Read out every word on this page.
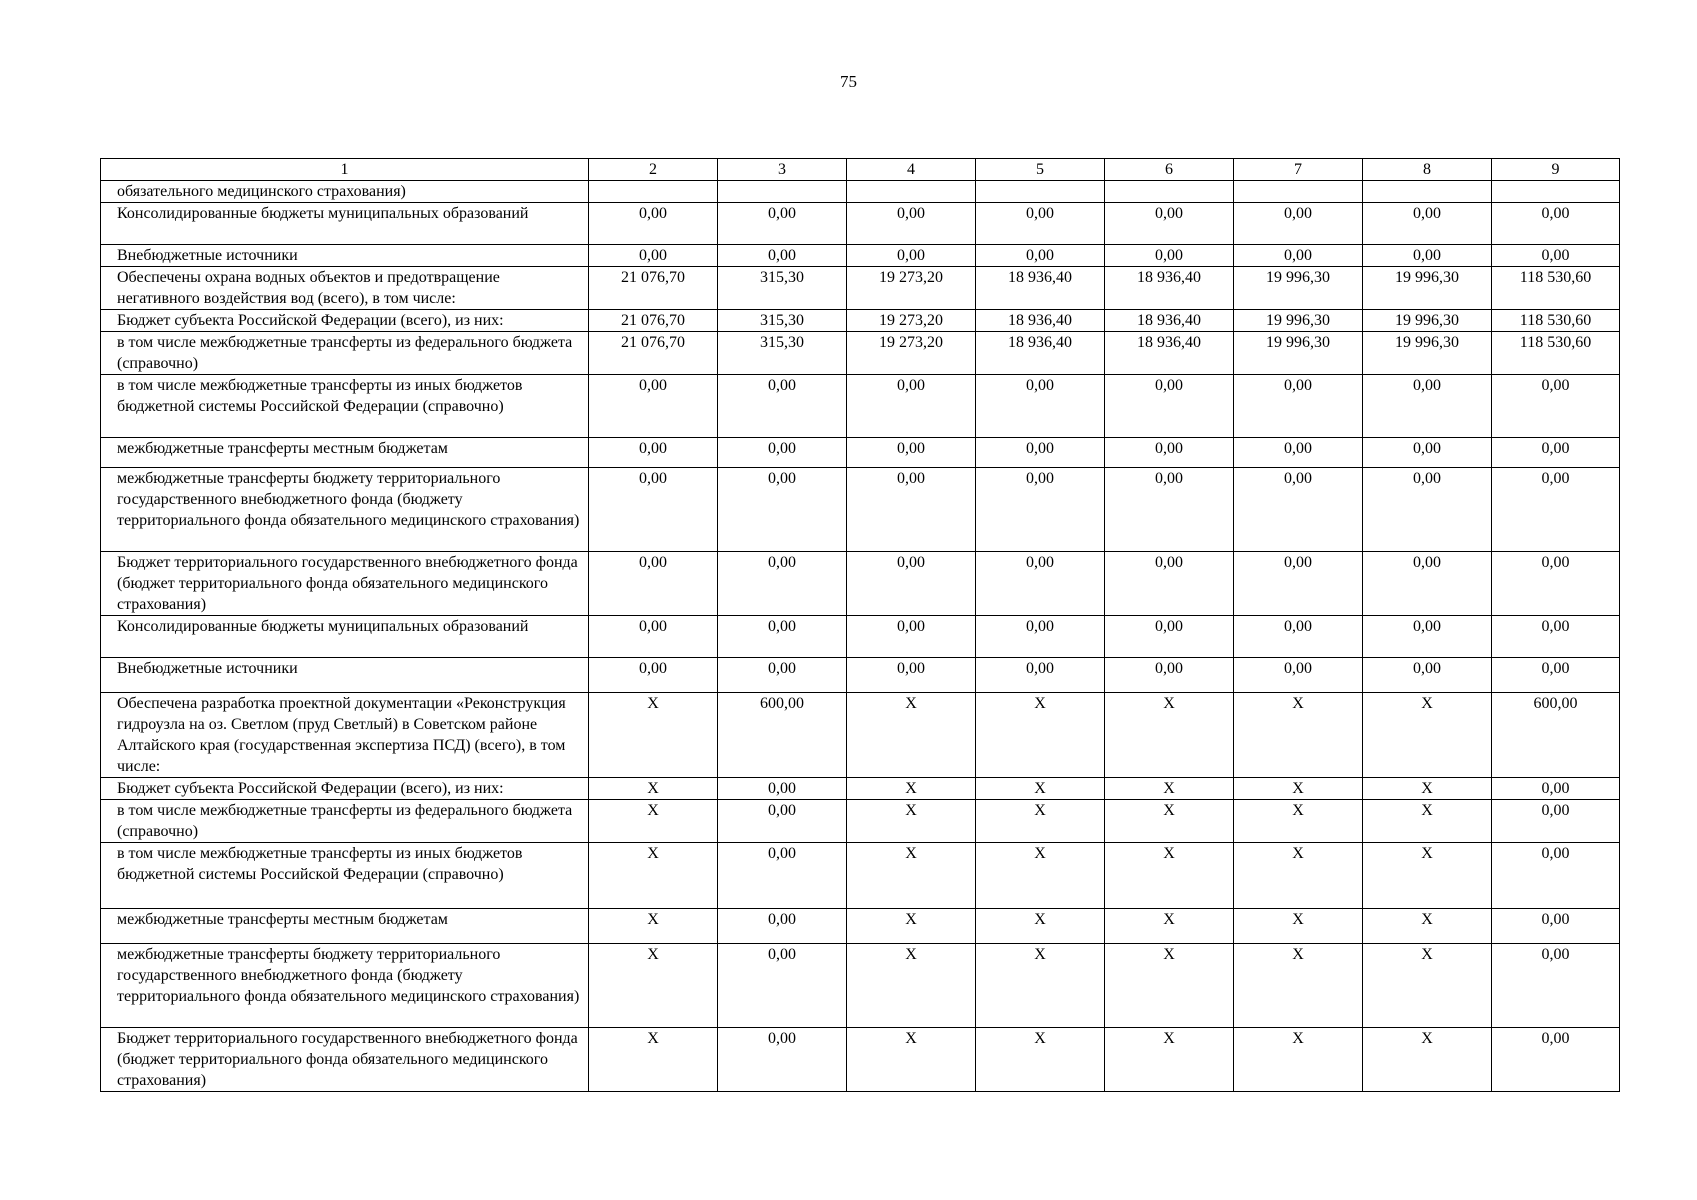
75
1	2	3	4	5	6	7	8	9
обязательного медицинского страхования)								
Консолидированные бюджеты муниципальных образований	0,00	0,00	0,00	0,00	0,00	0,00	0,00	0,00
Внебюджетные источники	0,00	0,00	0,00	0,00	0,00	0,00	0,00	0,00
Обеспечены охрана водных объектов и предотвращение негативного воздействия вод (всего), в том числе:	21 076,70	315,30	19 273,20	18 936,40	18 936,40	19 996,30	19 996,30	118 530,60
Бюджет субъекта Российской Федерации (всего), из них:	21 076,70	315,30	19 273,20	18 936,40	18 936,40	19 996,30	19 996,30	118 530,60
в том числе межбюджетные трансферты из федерального бюджета (справочно)	21 076,70	315,30	19 273,20	18 936,40	18 936,40	19 996,30	19 996,30	118 530,60
в том числе межбюджетные трансферты из иных бюджетов бюджетной системы Российской Федерации (справочно)	0,00	0,00	0,00	0,00	0,00	0,00	0,00	0,00
межбюджетные трансферты местным бюджетам	0,00	0,00	0,00	0,00	0,00	0,00	0,00	0,00
межбюджетные трансферты бюджету территориального государственного внебюджетного фонда (бюджету территориального фонда обязательного медицинского страхования)	0,00	0,00	0,00	0,00	0,00	0,00	0,00	0,00
Бюджет территориального государственного внебюджетного фонда (бюджет территориального фонда обязательного медицинского страхования)	0,00	0,00	0,00	0,00	0,00	0,00	0,00	0,00
Консолидированные бюджеты муниципальных образований	0,00	0,00	0,00	0,00	0,00	0,00	0,00	0,00
Внебюджетные источники	0,00	0,00	0,00	0,00	0,00	0,00	0,00	0,00
Обеспечена разработка проектной документации «Реконструкция гидроузла на оз. Светлом (пруд Светлый) в Советском районе Алтайского края (государственная экспертиза ПСД) (всего), в том числе:	X	600,00	X	X	X	X	X	600,00
Бюджет субъекта Российской Федерации (всего), из них:	X	0,00	X	X	X	X	X	0,00
в том числе межбюджетные трансферты из федерального бюджета (справочно)	X	0,00	X	X	X	X	X	0,00
в том числе межбюджетные трансферты из иных бюджетов бюджетной системы Российской Федерации (справочно)	X	0,00	X	X	X	X	X	0,00
межбюджетные трансферты местным бюджетам	X	0,00	X	X	X	X	X	0,00
межбюджетные трансферты бюджету территориального государственного внебюджетного фонда (бюджету территориального фонда обязательного медицинского страхования)	X	0,00	X	X	X	X	X	0,00
Бюджет территориального государственного внебюджетного фонда (бюджет территориального фонда обязательного медицинского страхования)	X	0,00	X	X	X	X	X	0,00
